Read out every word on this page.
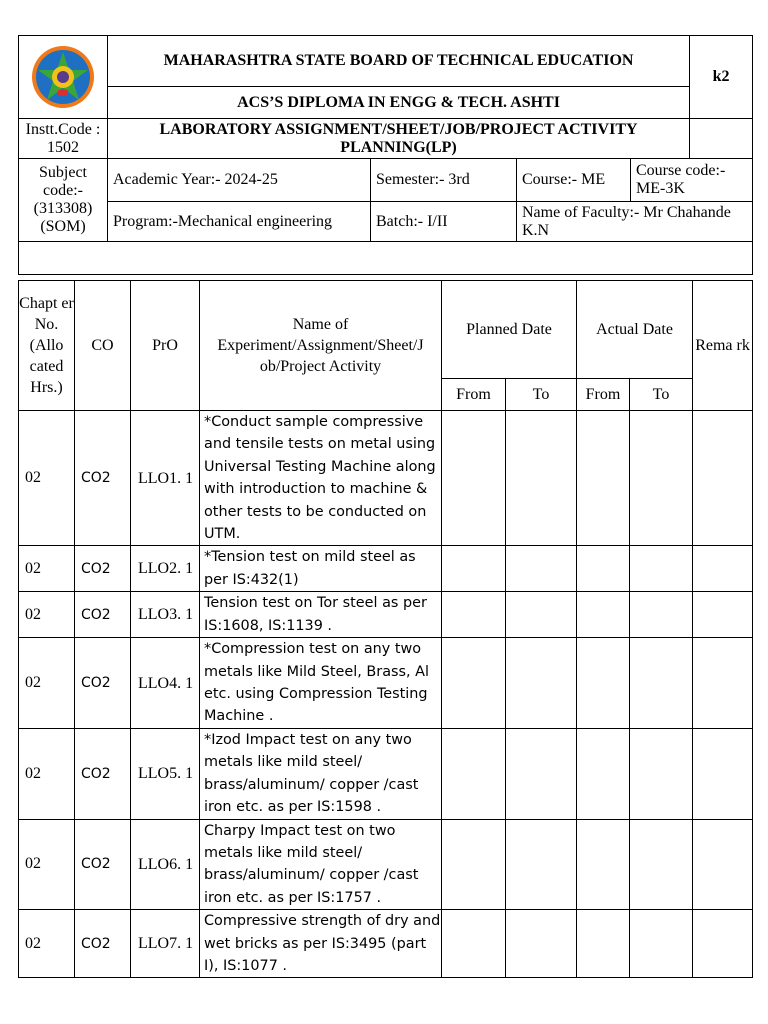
	MAHARASHTRA STATE BOARD OF TECHNICAL EDUCATION				k2
	ACS’S DIPLOMA IN ENGG & TECH. ASHTI				
Instt.Code : 1502	LABORATORY ASSIGNMENT/SHEET/JOB/PROJECT ACTIVITY PLANNING(LP)				
Subject code:- (313308) (SOM)	Academic Year:- 2024-25	Semester:- 3rd	Course:- ME	Course code:- ME-3K	
	Program:-Mechanical engineering	Batch:- I/II	Name of Faculty:- Mr Chahande K.N		

Chapt er No. (Allo cated Hrs.)	CO	PrO	Name of Experiment/Assignment/Sheet/J ob/Project Activity	Planned Date		Actual Date		Rema rk
				From	To	From	To	
02	CO2	LLO1. 1	*Conduct sample compressive and tensile tests on metal using Universal Testing Machine along with introduction to machine & other tests to be conducted on UTM.					
02	CO2	LLO2. 1	*Tension test on mild steel as per IS:432(1)					
02	CO2	LLO3. 1	Tension test on Tor steel as per IS:1608, IS:1139 .					
02	CO2	LLO4. 1	*Compression test on any two metals like Mild Steel, Brass, Al etc. using Compression Testing Machine .					
02	CO2	LLO5. 1	*Izod Impact test on any two metals like mild steel/ brass/aluminum/ copper /cast iron etc. as per IS:1598 .					
02	CO2	LLO6. 1	Charpy Impact test on two metals like mild steel/ brass/aluminum/ copper /cast iron etc. as per IS:1757 .					
02	CO2	LLO7. 1	Compressive strength of dry and wet bricks as per IS:3495 (part I), IS:1077 .					
